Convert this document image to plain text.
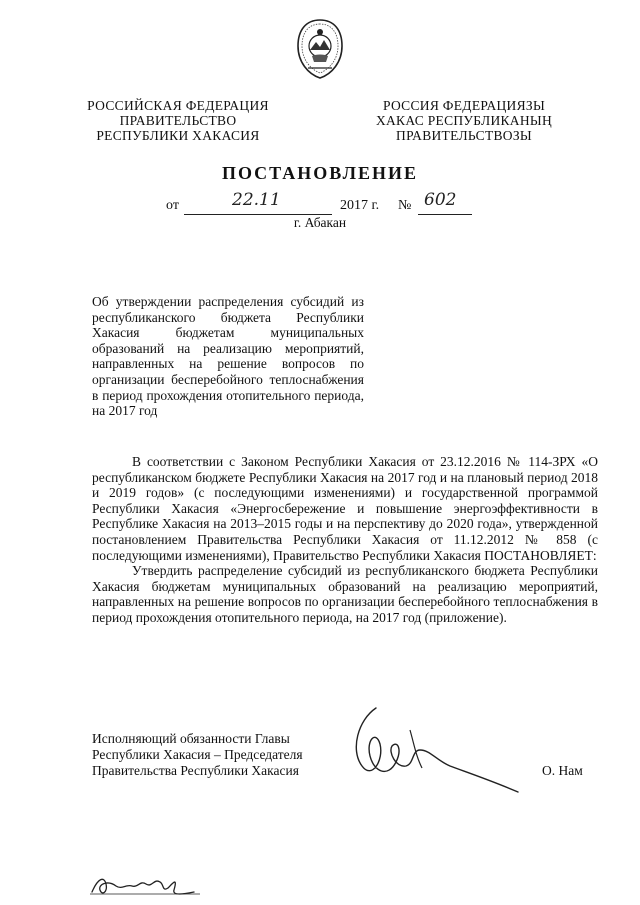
РОССИЙСКАЯ ФЕДЕРАЦИЯ
ПРАВИТЕЛЬСТВО
РЕСПУБЛИКИ ХАКАСИЯ
РОССИЯ ФЕДЕРАЦИЯЗЫ
ХАКАС РЕСПУБЛИКАНЫҢ
ПРАВИТЕЛЬСТВОЗЫ
ПОСТАНОВЛЕНИЕ
от	22.11	2017 г. № 602
г. Абакан
Об утверждении распределения субсидий из республиканского бюджета Республики Хакасия бюджетам муниципальных образований на реализацию мероприятий, направленных на решение вопросов по организации бесперебойного теплоснабжения в период прохождения отопительного периода, на 2017 год

В соответствии с Законом Республики Хакасия от 23.12.2016 № 114-ЗРХ «О республиканском бюджете Республики Хакасия на 2017 год и на плановый период 2018 и 2019 годов» (с последующими изменениями) и государственной программой Республики Хакасия «Энергосбережение и повышение энергоэффективности в Республике Хакасия на 2013–2015 годы и на перспективу до 2020 года», утвержденной постановлением Правительства Республики Хакасия от 11.12.2012 № 858 (с последующими изменениями), Правительство Республики Хакасия ПОСТАНОВЛЯЕТ:

Утвердить распределение субсидий из республиканского бюджета Республики Хакасия бюджетам муниципальных образований на реализацию мероприятий, направленных на решение вопросов по организации бесперебойного теплоснабжения в период прохождения отопительного периода, на 2017 год (приложение).

Исполняющий обязанности Главы
Республики Хакасия – Председателя
Правительства Республики Хакасия	О. Нам
